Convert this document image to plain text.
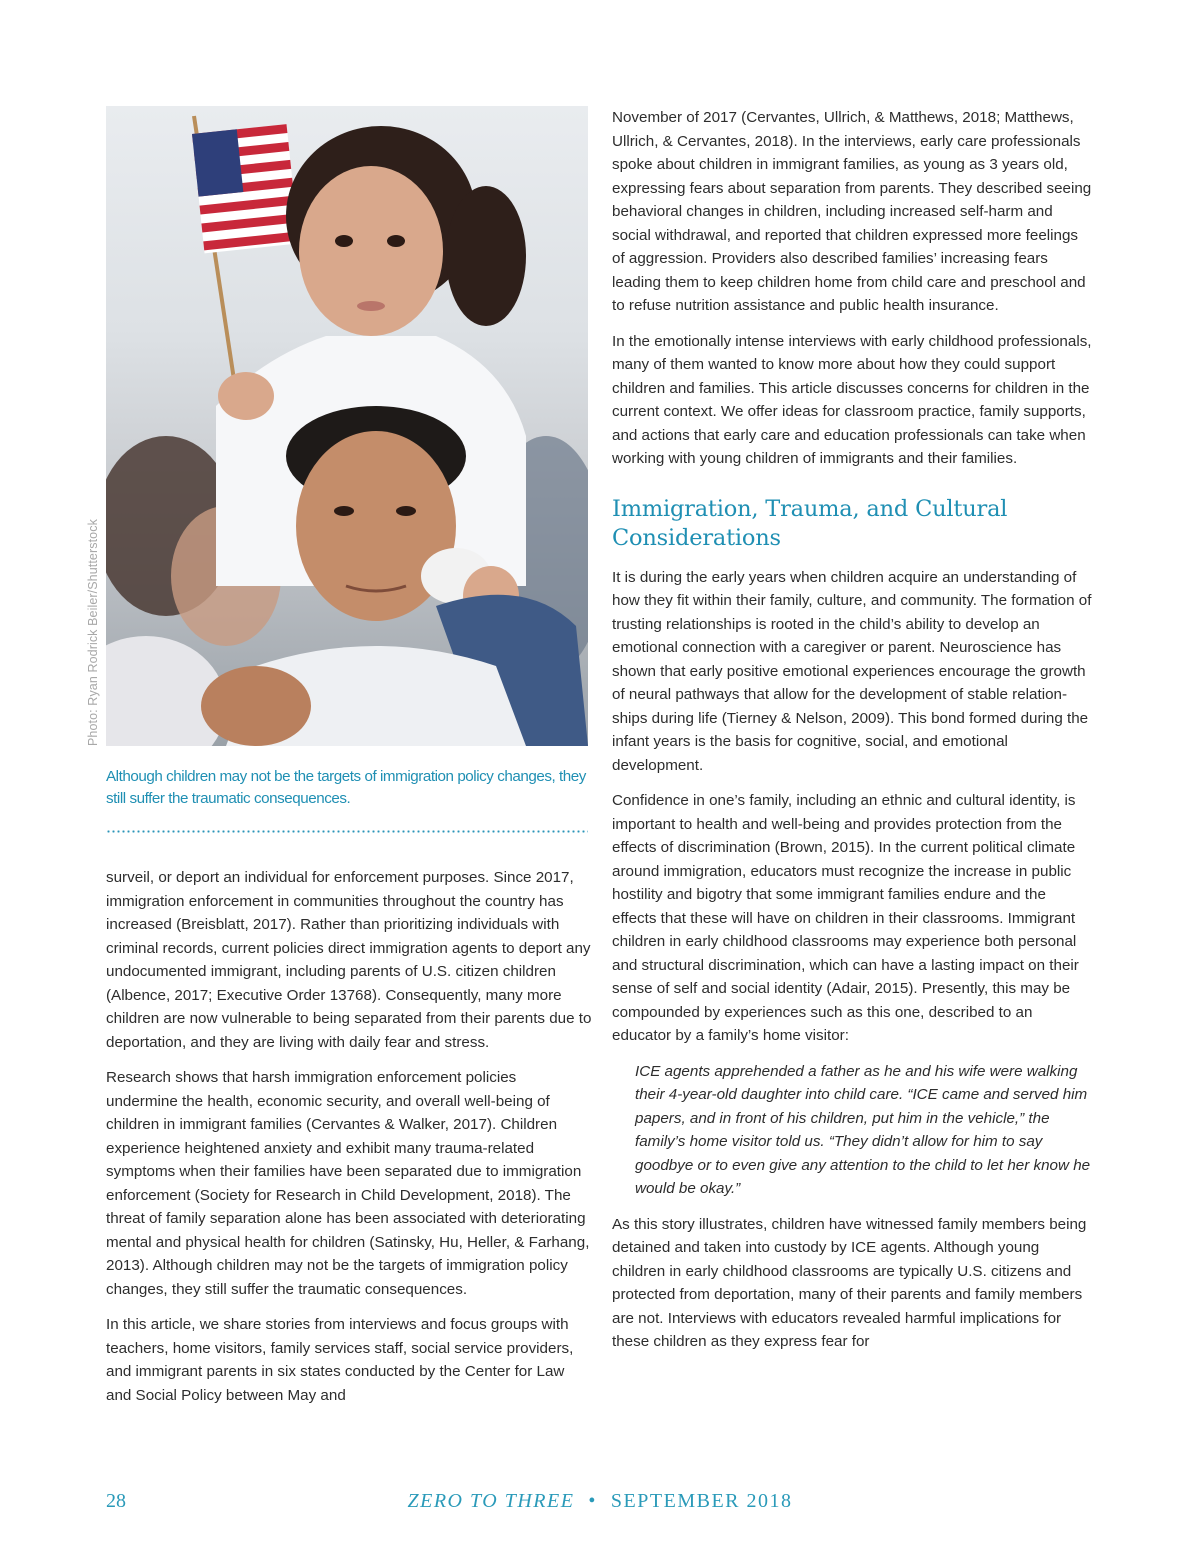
Photo: Ryan Rodrick Beiler/Shutterstock
Although children may not be the targets of immigration policy changes, they still suffer the traumatic consequences.

surveil, or deport an individual for enforcement purposes. Since 2017, immigration enforcement in communities throughout the country has increased (Breisblatt, 2017). Rather than prioritizing individuals with criminal records, current policies direct immigration agents to deport any undocumented immigrant, including parents of U.S. citizen children (Albence, 2017; Executive Order 13768). Consequently, many more children are now vulnerable to being separated from their parents due to deportation, and they are living with daily fear and stress.

Research shows that harsh immigration enforcement policies undermine the health, economic security, and overall well-being of children in immigrant families (Cervantes & Walker, 2017). Children experience heightened anxiety and exhibit many trauma-related symptoms when their families have been separated due to immigration enforcement (Society for Research in Child Development, 2018). The threat of family separation alone has been associated with deteriorating mental and physical health for children (Satinsky, Hu, Heller, & Farhang, 2013). Although children may not be the targets of immigration policy changes, they still suffer the traumatic consequences.

In this article, we share stories from interviews and focus groups with teachers, home visitors, family services staff, social service providers, and immigrant parents in six states conducted by the Center for Law and Social Policy between May and

November of 2017 (Cervantes, Ullrich, & Matthews, 2018; Matthews, Ullrich, & Cervantes, 2018). In the interviews, early care professionals spoke about children in immigrant families, as young as 3 years old, expressing fears about separation from parents. They described seeing behavioral changes in children, including increased self-harm and social withdrawal, and reported that children expressed more feelings of aggression. Providers also described families’ increasing fears leading them to keep children home from child care and preschool and to refuse nutrition assistance and public health insurance.

In the emotionally intense interviews with early childhood professionals, many of them wanted to know more about how they could support children and families. This article discusses concerns for children in the current context. We offer ideas for classroom practice, family supports, and actions that early care and education professionals can take when working with young children of immigrants and their families.

Immigration, Trauma, and Cultural Considerations

It is during the early years when children acquire an understanding of how they fit within their family, culture, and community. The formation of trusting relationships is rooted in the child’s ability to develop an emotional connection with a caregiver or parent. Neuroscience has shown that early positive emotional experiences encourage the growth of neural pathways that allow for the development of stable relationships during life (Tierney & Nelson, 2009). This bond formed during the infant years is the basis for cognitive, social, and emotional development.

Confidence in one’s family, including an ethnic and cultural identity, is important to health and well-being and provides protection from the effects of discrimination (Brown, 2015). In the current political climate around immigration, educators must recognize the increase in public hostility and bigotry that some immigrant families endure and the effects that these will have on children in their classrooms. Immigrant children in early childhood classrooms may experience both personal and structural discrimination, which can have a lasting impact on their sense of self and social identity (Adair, 2015). Presently, this may be compounded by experiences such as this one, described to an educator by a family’s home visitor:

ICE agents apprehended a father as he and his wife were walking their 4-year-old daughter into child care. “ICE came and served him papers, and in front of his children, put him in the vehicle,” the family’s home visitor told us. “They didn’t allow for him to say goodbye or to even give any attention to the child to let her know he would be okay.”

As this story illustrates, children have witnessed family members being detained and taken into custody by ICE agents. Although young children in early childhood classrooms are typically U.S. citizens and protected from deportation, many of their parents and family members are not. Interviews with educators revealed harmful implications for these children as they express fear for

28	ZERO TO THREE • SEPTEMBER 2018
